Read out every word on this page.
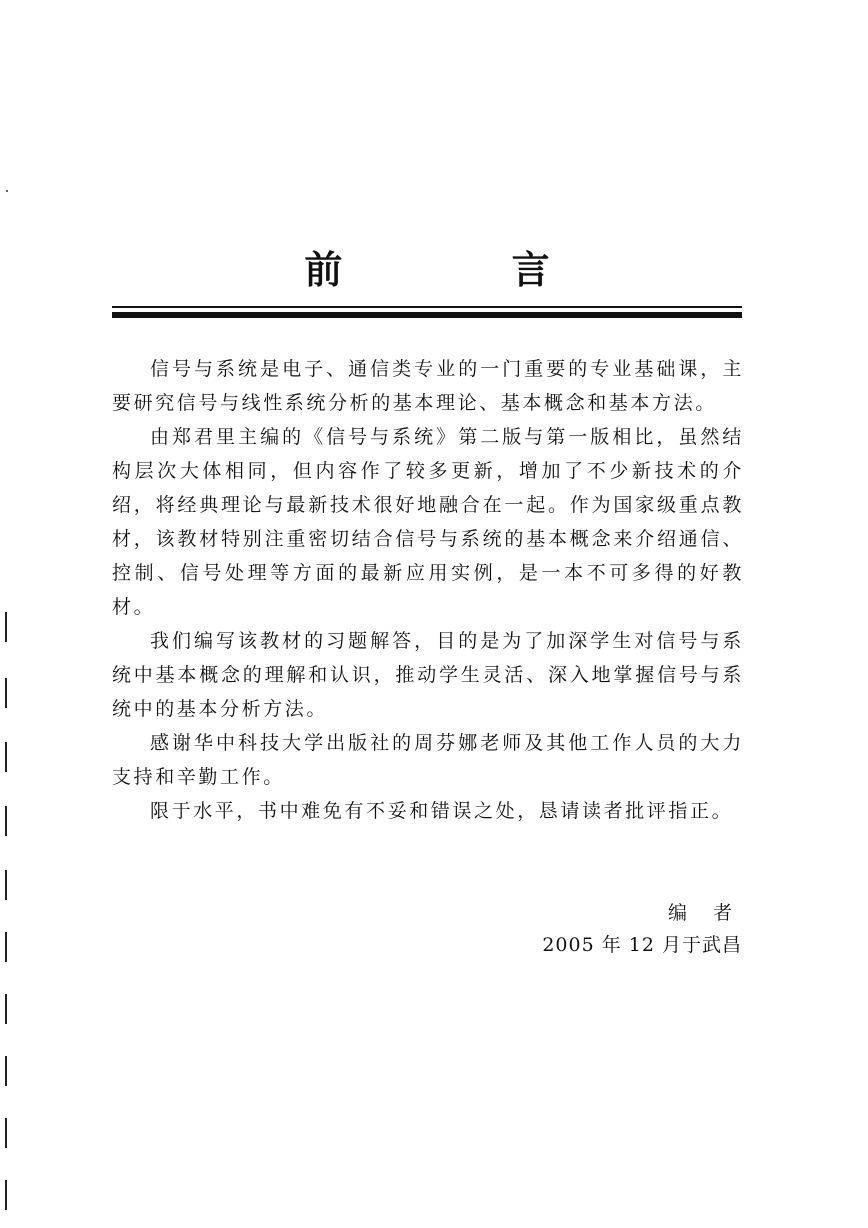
前 言

信号与系统是电子、通信类专业的一门重要的专业基础课，主要研究信号与线性系统分析的基本理论、基本概念和基本方法。

由郑君里主编的《信号与系统》第二版与第一版相比，虽然结构层次大体相同，但内容作了较多更新，增加了不少新技术的介绍，将经典理论与最新技术很好地融合在一起。作为国家级重点教材，该教材特别注重密切结合信号与系统的基本概念来介绍通信、控制、信号处理等方面的最新应用实例，是一本不可多得的好教材。

我们编写该教材的习题解答，目的是为了加深学生对信号与系统中基本概念的理解和认识，推动学生灵活、深入地掌握信号与系统中的基本分析方法。

感谢华中科技大学出版社的周芬娜老师及其他工作人员的大力支持和辛勤工作。

限于水平，书中难免有不妥和错误之处，恳请读者批评指正。

编 者
2005 年 12 月于武昌
